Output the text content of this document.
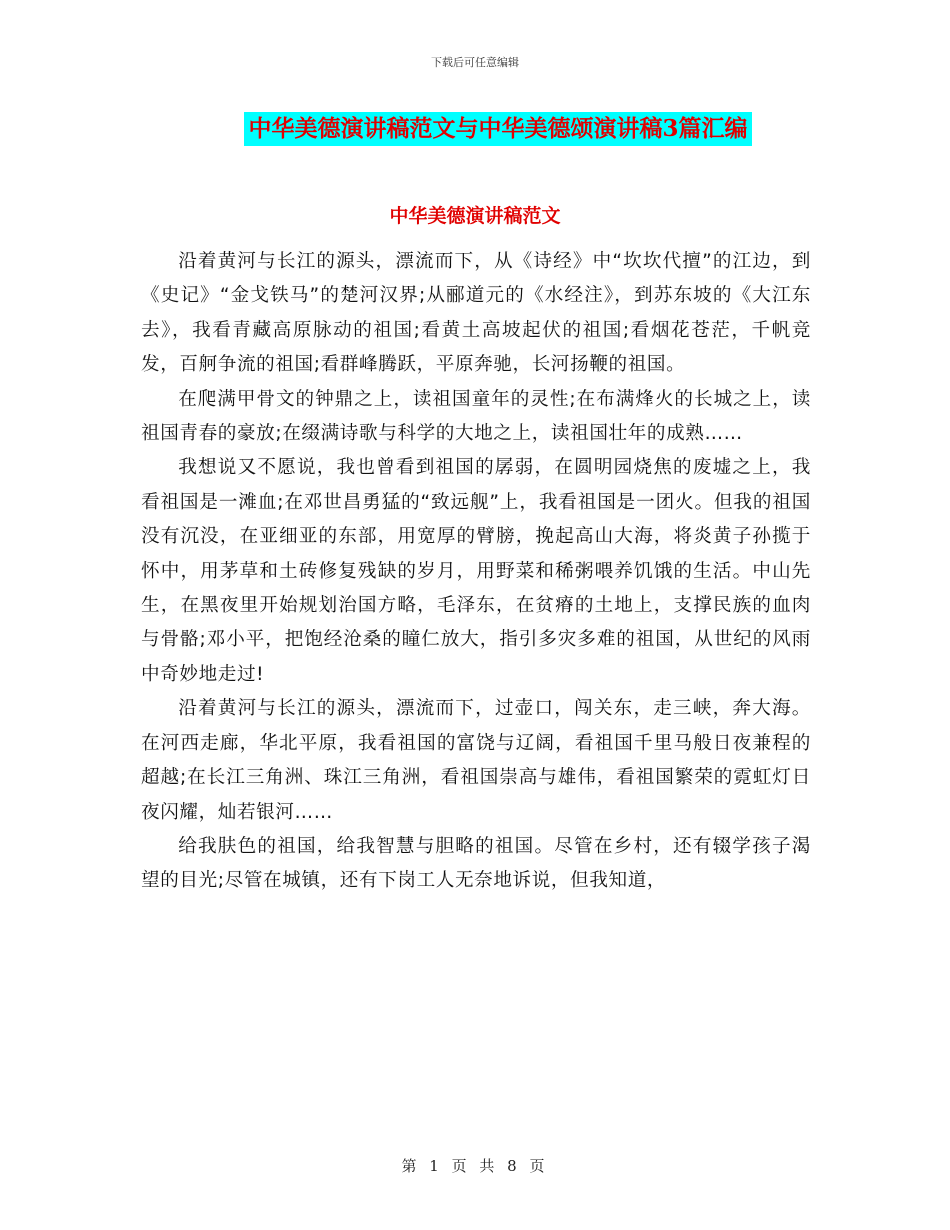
下载后可任意编辑
中华美德演讲稿范文与中华美德颂演讲稿3篇汇编
中华美德演讲稿范文

沿着黄河与长江的源头，漂流而下，从《诗经》中“坎坎代擅”的江边，到《史记》“金戈铁马”的楚河汉界;从郦道元的《水经注》，到苏东坡的《大江东去》，我看青藏高原脉动的祖国;看黄土高坡起伏的祖国;看烟花苍茫，千帆竞发，百舸争流的祖国;看群峰腾跃，平原奔驰，长河扬鞭的祖国。

在爬满甲骨文的钟鼎之上，读祖国童年的灵性;在布满烽火的长城之上，读祖国青春的豪放;在缀满诗歌与科学的大地之上，读祖国壮年的成熟……

我想说又不愿说，我也曾看到祖国的孱弱，在圆明园烧焦的废墟之上，我看祖国是一滩血;在邓世昌勇猛的“致远舰”上，我看祖国是一团火。但我的祖国没有沉没，在亚细亚的东部，用宽厚的臂膀，挽起高山大海，将炎黄子孙揽于怀中，用茅草和土砖修复残缺的岁月，用野菜和稀粥喂养饥饿的生活。中山先生，在黑夜里开始规划治国方略，毛泽东，在贫瘠的土地上，支撑民族的血肉与骨骼;邓小平，把饱经沧桑的瞳仁放大，指引多灾多难的祖国，从世纪的风雨中奇妙地走过!

沿着黄河与长江的源头，漂流而下，过壶口，闯关东，走三峡，奔大海。在河西走廊，华北平原，我看祖国的富饶与辽阔，看祖国千里马般日夜兼程的超越;在长江三角洲、珠江三角洲，看祖国崇高与雄伟，看祖国繁荣的霓虹灯日夜闪耀，灿若银河……

给我肤色的祖国，给我智慧与胆略的祖国。尽管在乡村，还有辍学孩子渴望的目光;尽管在城镇，还有下岗工人无奈地诉说，但我知道，

第 1 页 共 8 页
